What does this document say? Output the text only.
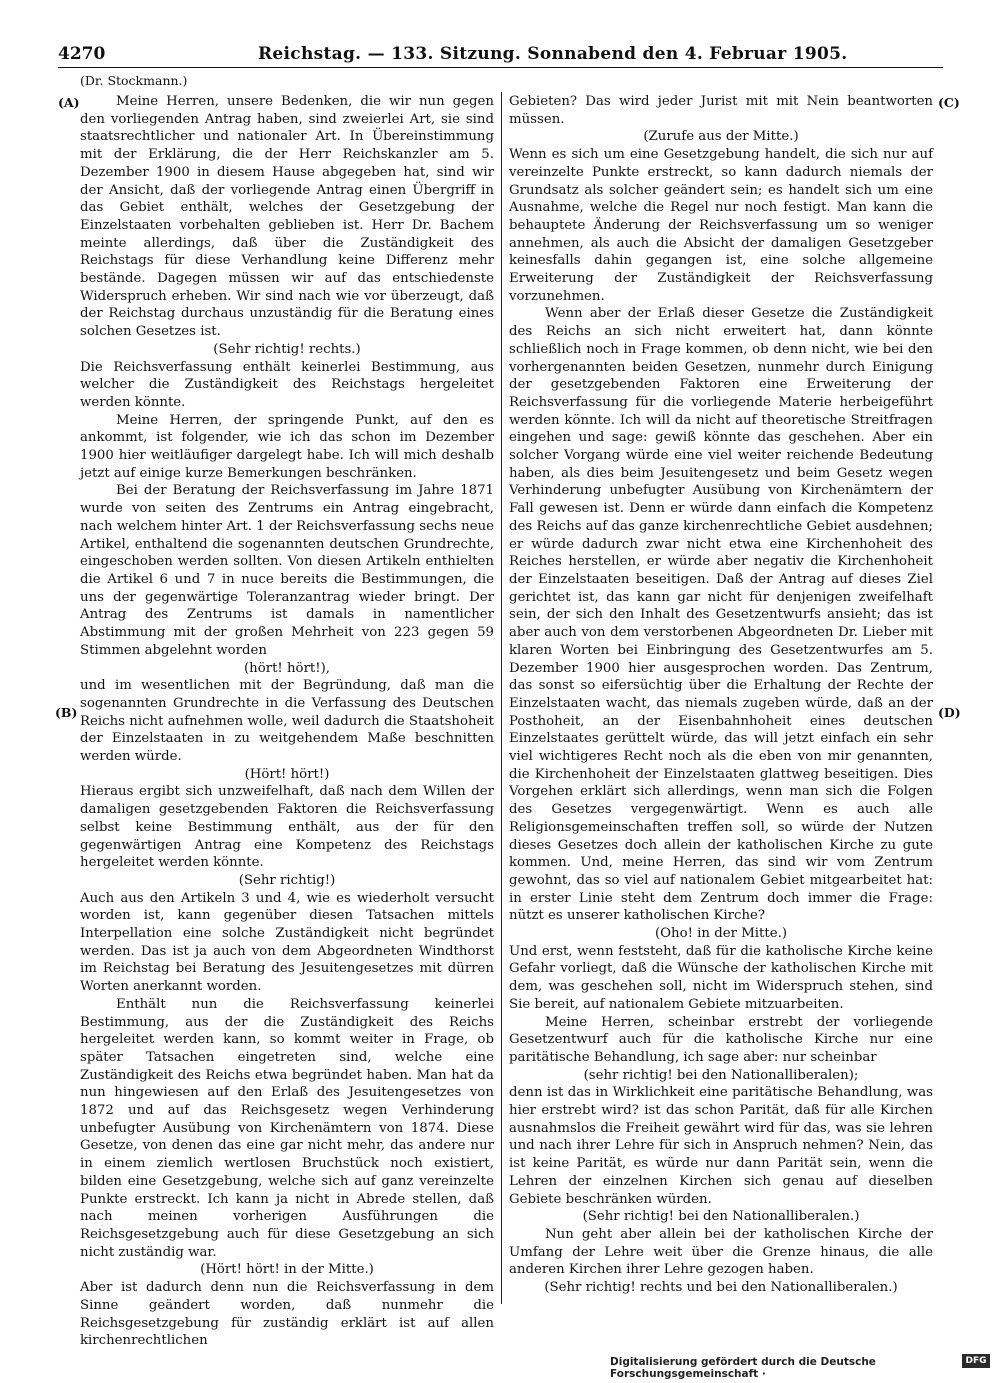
4270	Reichstag. — 133. Sitzung. Sonnabend den 4. Februar 1905.
(Dr. Stockmann.)
(A)
(B)
(C)
(D)

Meine Herren, unsere Bedenken, die wir nun gegen den vorliegenden Antrag haben, sind zweierlei Art, sie sind staatsrechtlicher und nationaler Art. In Übereinstimmung mit der Erklärung, die der Herr Reichskanzler am 5. Dezember 1900 in diesem Hause abgegeben hat, sind wir der Ansicht, daß der vorliegende Antrag einen Übergriff in das Gebiet enthält, welches der Gesetzgebung der Einzelstaaten vorbehalten geblieben ist. Herr Dr. Bachem meinte allerdings, daß über die Zuständigkeit des Reichstags für diese Verhandlung keine Differenz mehr bestände. Dagegen müssen wir auf das entschiedenste Widerspruch erheben. Wir sind nach wie vor überzeugt, daß der Reichstag durchaus unzuständig für die Beratung eines solchen Gesetzes ist.

(Sehr richtig! rechts.)

Die Reichsverfassung enthält keinerlei Bestimmung, aus welcher die Zuständigkeit des Reichstags hergeleitet werden könnte.

Meine Herren, der springende Punkt, auf den es ankommt, ist folgender, wie ich das schon im Dezember 1900 hier weitläufiger dargelegt habe. Ich will mich deshalb jetzt auf einige kurze Bemerkungen beschränken.

Bei der Beratung der Reichsverfassung im Jahre 1871 wurde von seiten des Zentrums ein Antrag eingebracht, nach welchem hinter Art. 1 der Reichsverfassung sechs neue Artikel, enthaltend die sogenannten deutschen Grundrechte, eingeschoben werden sollten. Von diesen Artikeln enthielten die Artikel 6 und 7 in nuce bereits die Bestimmungen, die uns der gegenwärtige Toleranzantrag wieder bringt. Der Antrag des Zentrums ist damals in namentlicher Abstimmung mit der großen Mehrheit von 223 gegen 59 Stimmen abgelehnt worden

(hört! hört!),

und im wesentlichen mit der Begründung, daß man die sogenannten Grundrechte in die Verfassung des Deutschen Reichs nicht aufnehmen wolle, weil dadurch die Staatshoheit der Einzelstaaten in zu weitgehendem Maße beschnitten werden würde.

(Hört! hört!)

Hieraus ergibt sich unzweifelhaft, daß nach dem Willen der damaligen gesetzgebenden Faktoren die Reichsverfassung selbst keine Bestimmung enthält, aus der für den gegenwärtigen Antrag eine Kompetenz des Reichstags hergeleitet werden könnte.

(Sehr richtig!)

Auch aus den Artikeln 3 und 4, wie es wiederholt versucht worden ist, kann gegenüber diesen Tatsachen mittels Interpellation eine solche Zuständigkeit nicht begründet werden. Das ist ja auch von dem Abgeordneten Windthorst im Reichstag bei Beratung des Jesuitengesetzes mit dürren Worten anerkannt worden.

Enthält nun die Reichsverfassung keinerlei Bestimmung, aus der die Zuständigkeit des Reichs hergeleitet werden kann, so kommt weiter in Frage, ob später Tatsachen eingetreten sind, welche eine Zuständigkeit des Reichs etwa begründet haben. Man hat da nun hingewiesen auf den Erlaß des Jesuitengesetzes von 1872 und auf das Reichsgesetz wegen Verhinderung unbefugter Ausübung von Kirchenämtern von 1874. Diese Gesetze, von denen das eine gar nicht mehr, das andere nur in einem ziemlich wertlosen Bruchstück noch existiert, bilden eine Gesetzgebung, welche sich auf ganz vereinzelte Punkte erstreckt. Ich kann ja nicht in Abrede stellen, daß nach meinen vorherigen Ausführungen die Reichsgesetzgebung auch für diese Gesetzgebung an sich nicht zuständig war.

(Hört! hört! in der Mitte.)

Aber ist dadurch denn nun die Reichsverfassung in dem Sinne geändert worden, daß nunmehr die Reichsgesetzgebung für zuständig erklärt ist auf allen kirchenrechtlichen

Gebieten? Das wird jeder Jurist mit mit Nein beantworten müssen.

(Zurufe aus der Mitte.)

Wenn es sich um eine Gesetzgebung handelt, die sich nur auf vereinzelte Punkte erstreckt, so kann dadurch niemals der Grundsatz als solcher geändert sein; es handelt sich um eine Ausnahme, welche die Regel nur noch festigt. Man kann die behauptete Änderung der Reichsverfassung um so weniger annehmen, als auch die Absicht der damaligen Gesetzgeber keinesfalls dahin gegangen ist, eine solche allgemeine Erweiterung der Zuständigkeit der Reichsverfassung vorzunehmen.

Wenn aber der Erlaß dieser Gesetze die Zuständigkeit des Reichs an sich nicht erweitert hat, dann könnte schließlich noch in Frage kommen, ob denn nicht, wie bei den vorhergenannten beiden Gesetzen, nunmehr durch Einigung der gesetzgebenden Faktoren eine Erweiterung der Reichsverfassung für die vorliegende Materie herbeigeführt werden könnte. Ich will da nicht auf theoretische Streitfragen eingehen und sage: gewiß könnte das geschehen. Aber ein solcher Vorgang würde eine viel weiter reichende Bedeutung haben, als dies beim Jesuitengesetz und beim Gesetz wegen Verhinderung unbefugter Ausübung von Kirchenämtern der Fall gewesen ist. Denn er würde dann einfach die Kompetenz des Reichs auf das ganze kirchenrechtliche Gebiet ausdehnen; er würde dadurch zwar nicht etwa eine Kirchenhoheit des Reiches herstellen, er würde aber negativ die Kirchenhoheit der Einzelstaaten beseitigen. Daß der Antrag auf dieses Ziel gerichtet ist, das kann gar nicht für denjenigen zweifelhaft sein, der sich den Inhalt des Gesetzentwurfs ansieht; das ist aber auch von dem verstorbenen Abgeordneten Dr. Lieber mit klaren Worten bei Einbringung des Gesetzentwurfes am 5. Dezember 1900 hier ausgesprochen worden. Das Zentrum, das sonst so eifersüchtig über die Erhaltung der Rechte der Einzelstaaten wacht, das niemals zugeben würde, daß an der Posthoheit, an der Eisenbahnhoheit eines deutschen Einzelstaates gerüttelt würde, das will jetzt einfach ein sehr viel wichtigeres Recht noch als die eben von mir genannten, die Kirchenhoheit der Einzelstaaten glattweg beseitigen. Dies Vorgehen erklärt sich allerdings, wenn man sich die Folgen des Gesetzes vergegenwärtigt. Wenn es auch alle Religionsgemeinschaften treffen soll, so würde der Nutzen dieses Gesetzes doch allein der katholischen Kirche zu gute kommen. Und, meine Herren, das sind wir vom Zentrum gewohnt, das so viel auf nationalem Gebiet mitgearbeitet hat: in erster Linie steht dem Zentrum doch immer die Frage: nützt es unserer katholischen Kirche?

(Oho! in der Mitte.)

Und erst, wenn feststeht, daß für die katholische Kirche keine Gefahr vorliegt, daß die Wünsche der katholischen Kirche mit dem, was geschehen soll, nicht im Widerspruch stehen, sind Sie bereit, auf nationalem Gebiete mitzuarbeiten.

Meine Herren, scheinbar erstrebt der vorliegende Gesetzentwurf auch für die katholische Kirche nur eine paritätische Behandlung, ich sage aber: nur scheinbar

(sehr richtig! bei den Nationalliberalen);

denn ist das in Wirklichkeit eine paritätische Behandlung, was hier erstrebt wird? ist das schon Parität, daß für alle Kirchen ausnahmslos die Freiheit gewährt wird für das, was sie lehren und nach ihrer Lehre für sich in Anspruch nehmen? Nein, das ist keine Parität, es würde nur dann Parität sein, wenn die Lehren der einzelnen Kirchen sich genau auf dieselben Gebiete beschränken würden.

(Sehr richtig! bei den Nationalliberalen.)

Nun geht aber allein bei der katholischen Kirche der Umfang der Lehre weit über die Grenze hinaus, die alle anderen Kirchen ihrer Lehre gezogen haben.

(Sehr richtig! rechts und bei den Nationalliberalen.)
Digitalisierung gefördert durch die Deutsche Forschungsgemeinschaft ·
DFG
